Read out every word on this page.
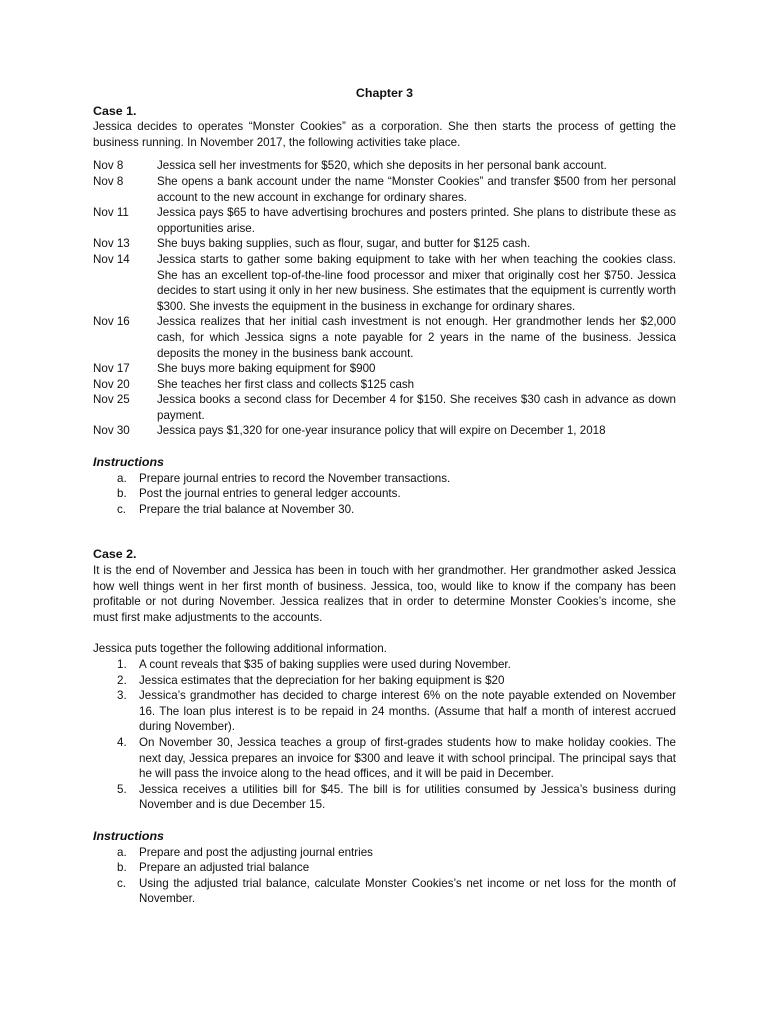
Chapter 3

Case 1.

Jessica decides to operates “Monster Cookies” as a corporation. She then starts the process of getting the business running. In November 2017, the following activities take place.

Nov 8	Jessica sell her investments for $520, which she deposits in her personal bank account.
Nov 8	She opens a bank account under the name “Monster Cookies” and transfer $500 from her personal account to the new account in exchange for ordinary shares.
Nov 11	Jessica pays $65 to have advertising brochures and posters printed. She plans to distribute these as opportunities arise.
Nov 13	She buys baking supplies, such as flour, sugar, and butter for $125 cash.
Nov 14	Jessica starts to gather some baking equipment to take with her when teaching the cookies class. She has an excellent top-of-the-line food processor and mixer that originally cost her $750. Jessica decides to start using it only in her new business. She estimates that the equipment is currently worth $300. She invests the equipment in the business in exchange for ordinary shares.
Nov 16	Jessica realizes that her initial cash investment is not enough. Her grandmother lends her $2,000 cash, for which Jessica signs a note payable for 2 years in the name of the business. Jessica deposits the money in the business bank account.
Nov 17	She buys more baking equipment for $900
Nov 20	She teaches her first class and collects $125 cash
Nov 25	Jessica books a second class for December 4 for $150. She receives $30 cash in advance as down payment.
Nov 30	Jessica pays $1,320 for one-year insurance policy that will expire on December 1, 2018

Instructions

a.	Prepare journal entries to record the November transactions.
b.	Post the journal entries to general ledger accounts.
c.	Prepare the trial balance at November 30.

Case 2.

It is the end of November and Jessica has been in touch with her grandmother. Her grandmother asked Jessica how well things went in her first month of business. Jessica, too, would like to know if the company has been profitable or not during November. Jessica realizes that in order to determine Monster Cookies’s income, she must first make adjustments to the accounts.

Jessica puts together the following additional information.

1.	A count reveals that $35 of baking supplies were used during November.
2.	Jessica estimates that the depreciation for her baking equipment is $20
3.	Jessica’s grandmother has decided to charge interest 6% on the note payable extended on November 16. The loan plus interest is to be repaid in 24 months. (Assume that half a month of interest accrued during November).
4.	On November 30, Jessica teaches a group of first-grades students how to make holiday cookies. The next day, Jessica prepares an invoice for $300 and leave it with school principal. The principal says that he will pass the invoice along to the head offices, and it will be paid in December.
5.	Jessica receives a utilities bill for $45. The bill is for utilities consumed by Jessica’s business during November and is due December 15.

Instructions

a.	Prepare and post the adjusting journal entries
b.	Prepare an adjusted trial balance
c.	Using the adjusted trial balance, calculate Monster Cookies’s net income or net loss for the month of November.
